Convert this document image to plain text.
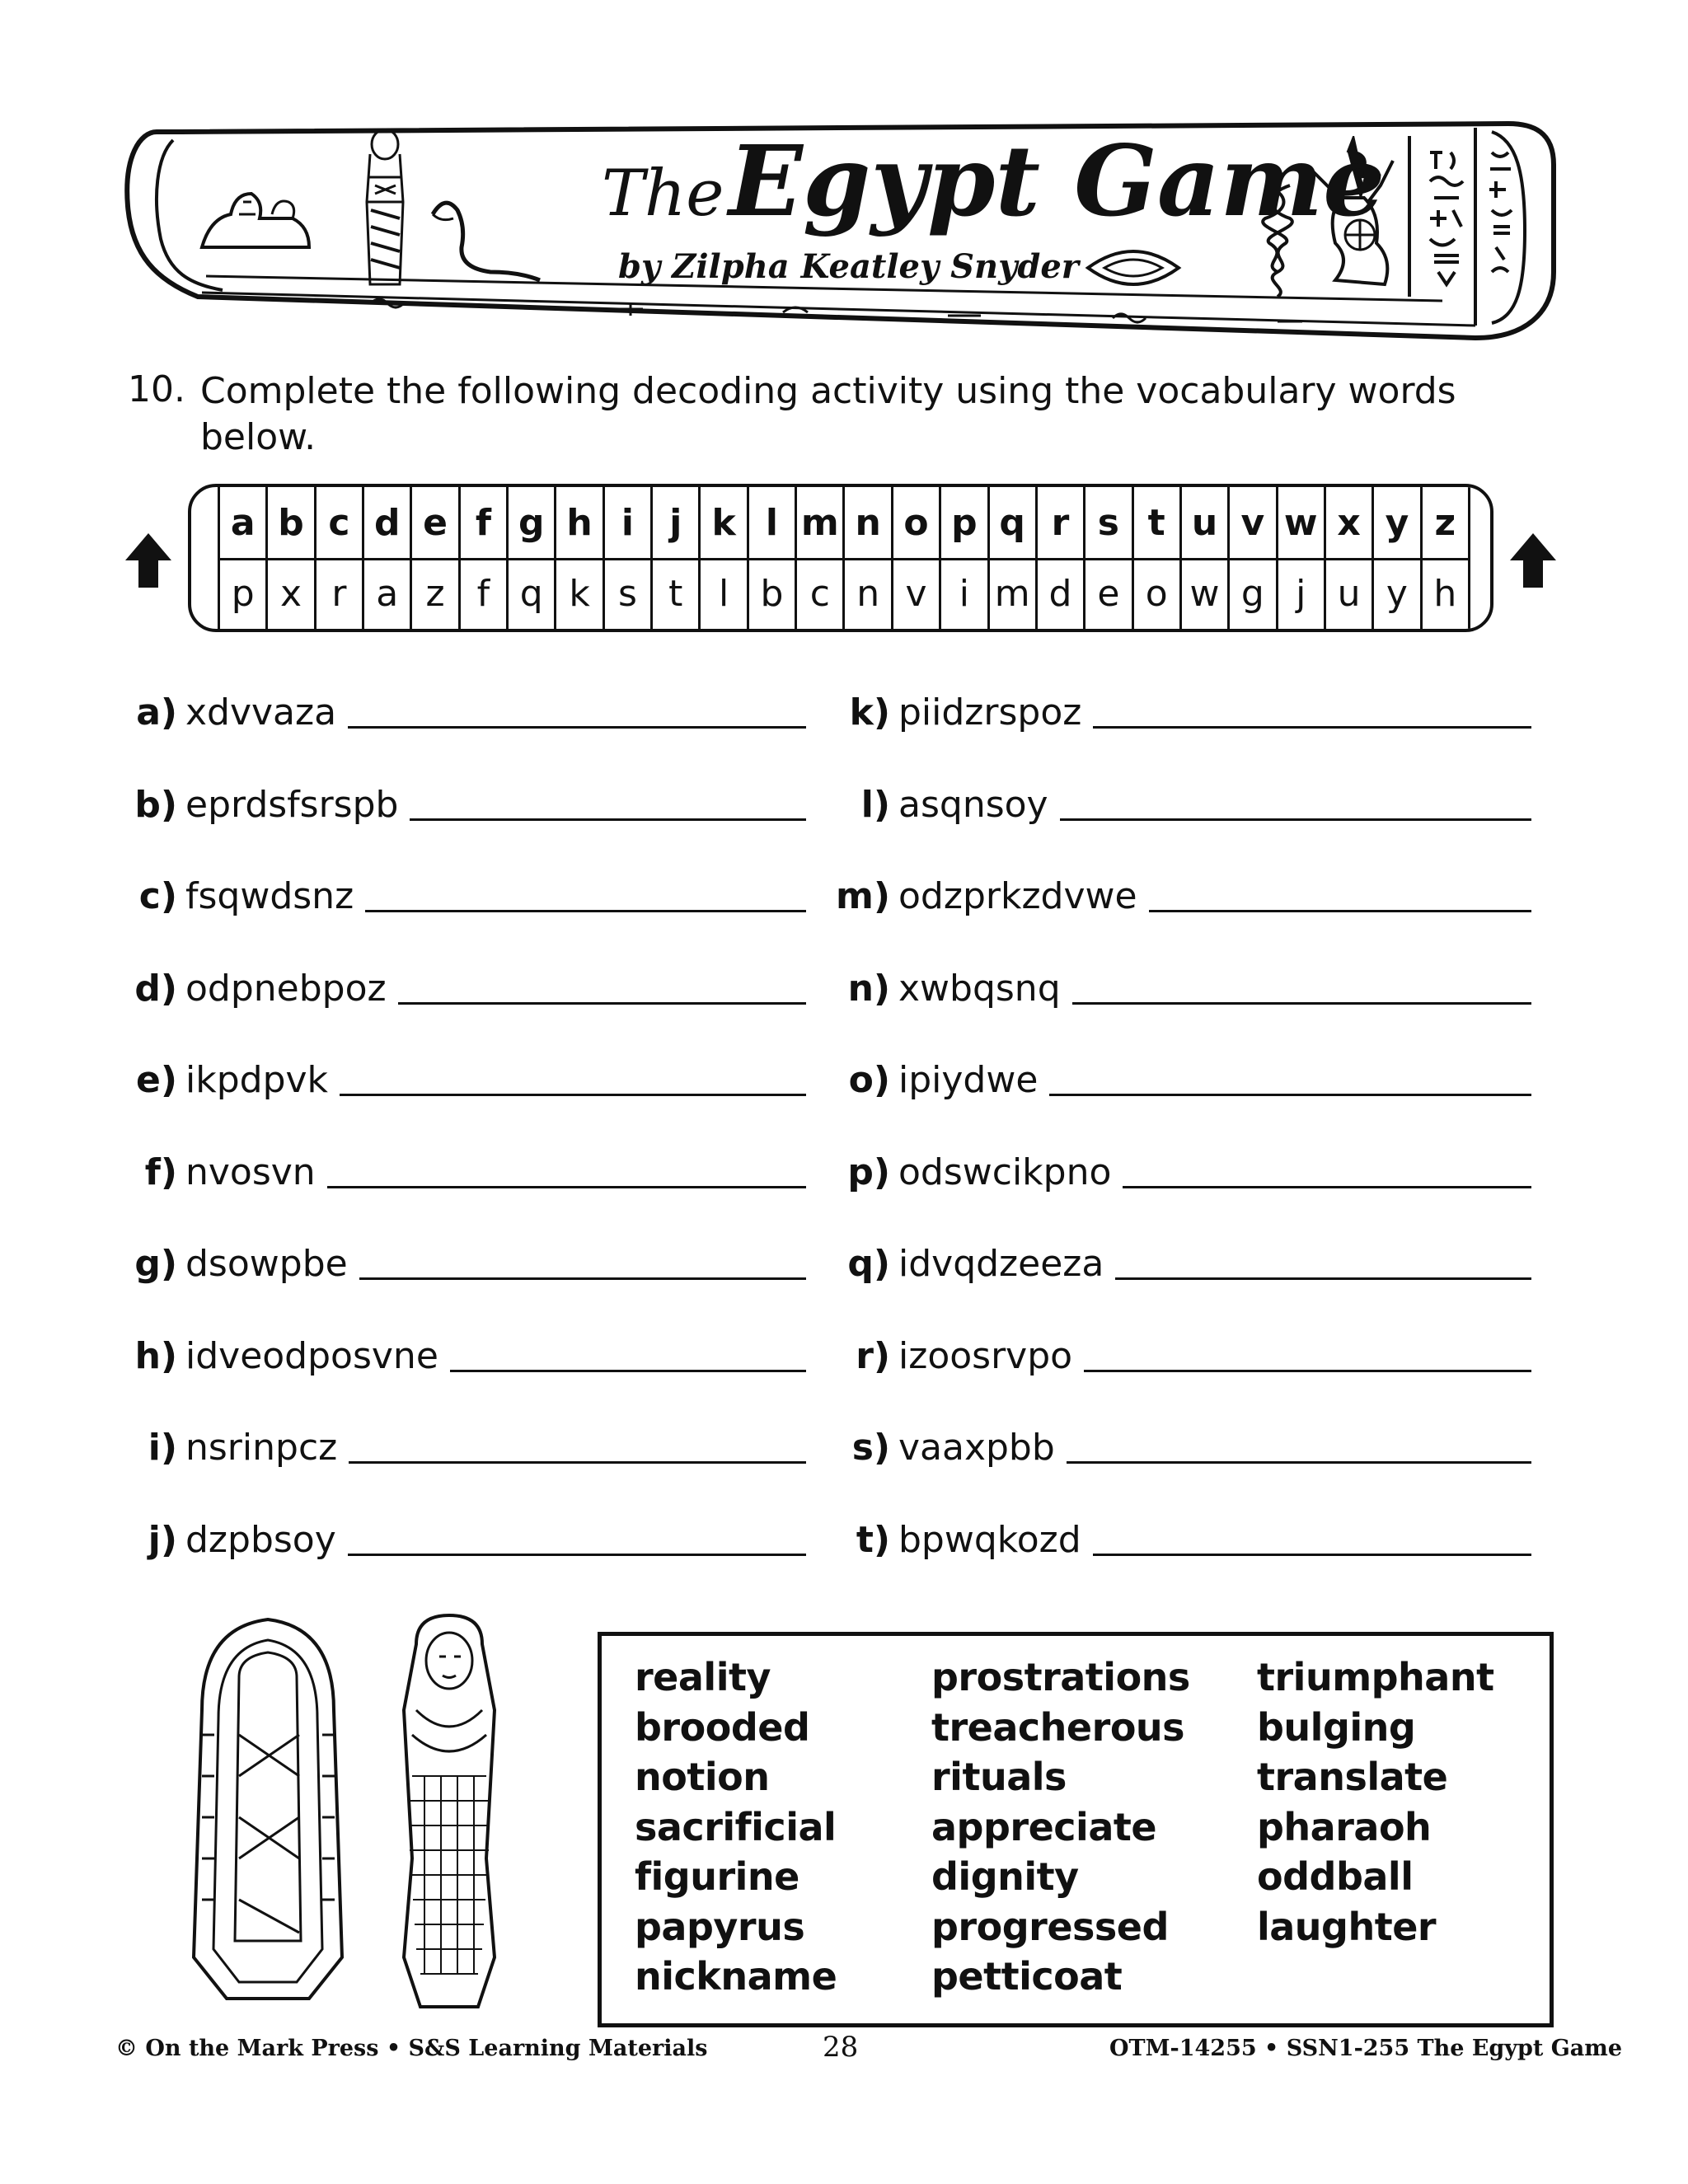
The Egypt Game
by Zilpha Keatley Snyder
10. Complete the following decoding activity using the vocabulary words below.
a b c d e f g h i j k l m n o p q r s t u v w x y z
p x r a z f q k s t l b c n v i m d e o w g j u y h
a) xdvvaza
b) eprdsfsrspb
c) fsqwdsnz
d) odpnebpoz
e) ikpdpvk
f) nvosvn
g) dsowpbe
h) idveodposvne
i) nsrinpcz
j) dzpbsoy
k) piidzrspoz
l) asqnsoy
m) odzprkzdvwe
n) xwbqsnq
o) ipiydwe
p) odswcikpno
q) idvqdzeeza
r) izoosrvpo
s) vaaxpbb
t) bpwqkozd
reality
brooded
notion
sacrificial
figurine
papyrus
nickname
prostrations
treacherous
rituals
appreciate
dignity
progressed
petticoat
triumphant
bulging
translate
pharaoh
oddball
laughter
© On the Mark Press • S&S Learning Materials	28	OTM-14255 • SSN1-255 The Egypt Game
